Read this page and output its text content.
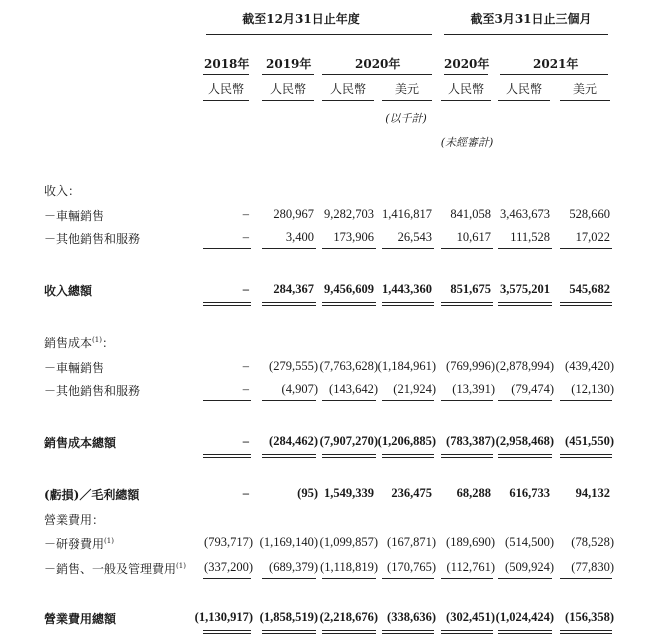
截至12月31日止年度	截至3月31日止三個月
2018年 2019年	2020年	2020年	2021年
人民幣	人民幣	人民幣	美元	人民幣	人民幣	美元
(以千計)
(未經審計)
收入：
－車輛銷售	–	280,967 9,282,703 1,416,817	841,058 3,463,673	528,660
－其他銷售和服務	–	3,400	173,906	26,543	10,617	111,528	17,022
收入總額	–	284,367 9,456,609 1,443,360	851,675 3,575,201	545,682
銷售成本$^{(1)}$：
－車輛銷售	–	(279,555) (7,763,628) (1,184,961) (769,996) (2,878,994) (439,420)
－其他銷售和服務	–	(4,907) (143,642)	(21,924)	(13,391)	(79,474)	(12,130)
銷售成本總額	–	(284,462) (7,907,270) (1,206,885) (783,387) (2,958,468) (451,550)
(虧損)／毛利總額	–	(95) 1,549,339	236,475	68,288	616,733	94,132
營業費用：
－研發費用$^{(1)}$	(793,717) (1,169,140) (1,099,857) (167,871) (189,690) (514,500)	(78,528)
－銷售、一般及管理費用$^{(1)}$	(337,200)	(689,379) (1,118,819) (170,765) (112,761) (509,924)	(77,830)
營業費用總額	(1,130,917) (1,858,519) (2,218,676) (338,636) (302,451) (1,024,424) (156,358)
